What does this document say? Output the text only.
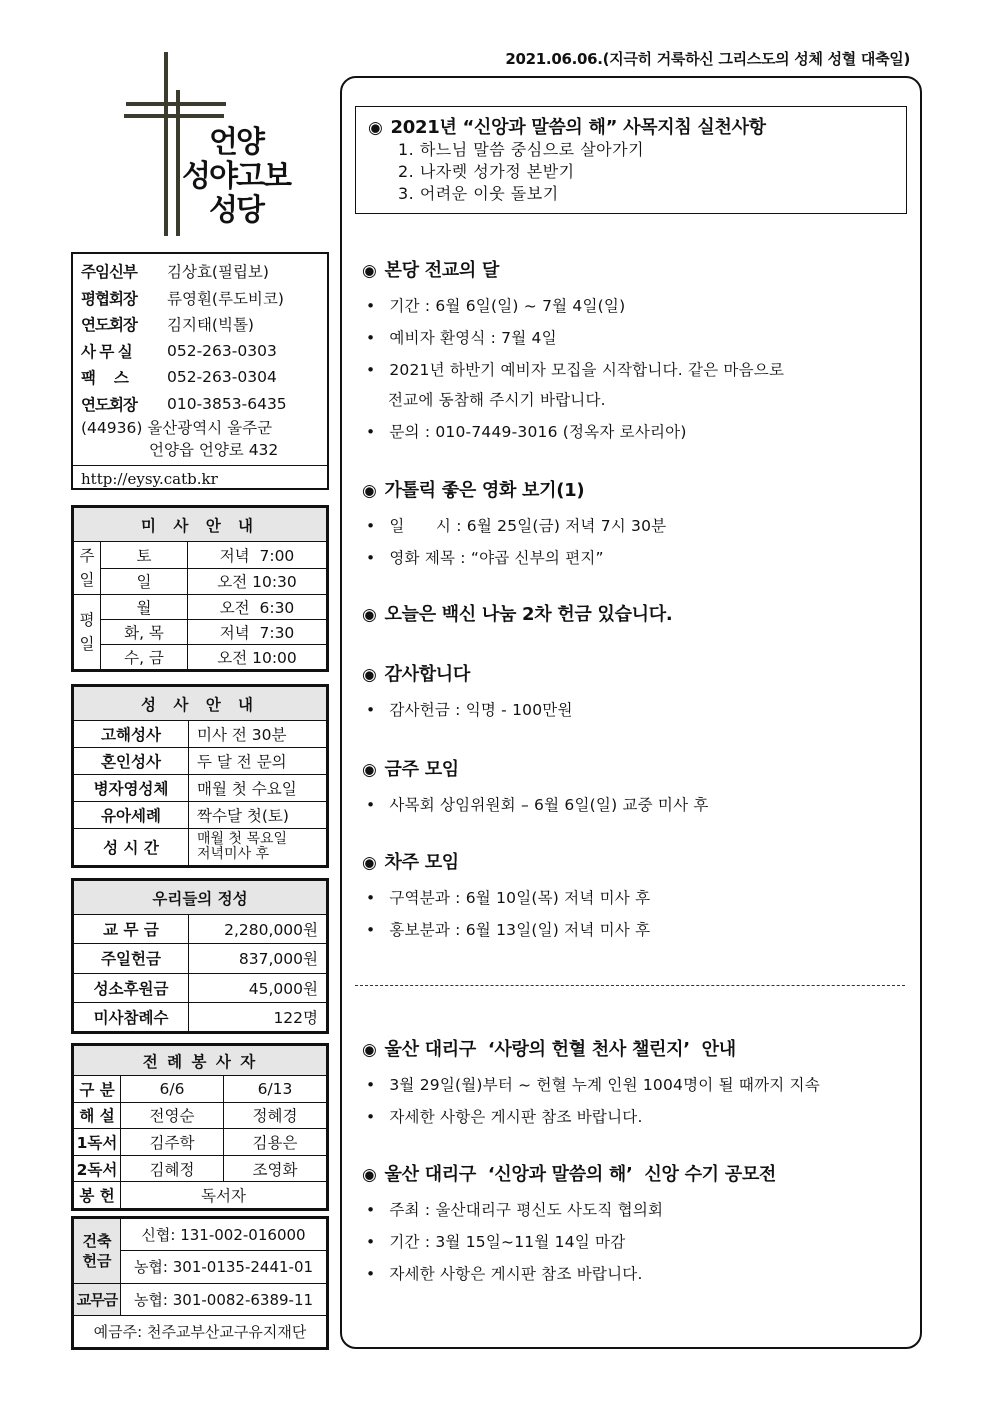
2021.06.06.(지극히 거룩하신 그리스도의 성체 성혈 대축일)
언양
성야고보
성당
주임신부	김상효(필립보)
평협회장	류영훤(루도비코)
연도회장	김지태(빅톨)
사 무 실	052-263-0303
팩　 스	052-263-0304
연도회장	010-3853-6435
(44936) 울산광역시 울주군
언양읍 언양로 432
http://eysy.catb.kr
미 사 안 내		
주일	토	저녁  7:00
	일	오전 10:30
평일	월	오전  6:30
	화, 목	저녁  7:30
	수, 금	오전 10:00
성 사 안 내	
고해성사	미사 전 30분
혼인성사	두 달 전 문의
병자영성체	매월 첫 수요일
유아세례	짝수달 첫(토)
성 시 간	매월 첫 목요일
저녁미사 후
우리들의 정성	
교 무 금	2,280,000원
주일헌금	837,000원
성소후원금	45,000원
미사참례수	122명
전 례 봉 사 자		
구 분	6/6	6/13
해 설	전영순	정혜경
1독서	김주학	김용은
2독서	김혜정	조영화
봉 헌	독서자	
건축
헌금	신협: 131-002-016000
	농협: 301-0135-2441-01
교무금	농협: 301-0082-6389-11
예금주: 천주교부산교구유지재단	
◉ 2021년 “신앙과 말씀의 해” 사목지침 실천사항
1. 하느님 말씀 중심으로 살아가기
2. 나자렛 성가정 본받기
3. 어려운 이웃 돌보기
◉ 본당 전교의 달
• 기간 : 6월 6일(일) ~ 7월 4일(일)
• 예비자 환영식 : 7월 4일
• 2021년 하반기 예비자 모집을 시작합니다. 같은 마음으로
전교에 동참해 주시기 바랍니다.
• 문의 : 010-7449-3016 (정옥자 로사리아)
◉ 가톨릭 좋은 영화 보기(1)
• 일　　시 : 6월 25일(금) 저녁 7시 30분
• 영화 제목 : “야곱 신부의 편지”
◉ 오늘은 백신 나눔 2차 헌금 있습니다.
◉ 감사합니다
• 감사헌금 : 익명 - 100만원
◉ 금주 모임
• 사목회 상임위원회 – 6월 6일(일) 교중 미사 후
◉ 차주 모임
• 구역분과 : 6월 10일(목) 저녁 미사 후
• 홍보분과 : 6월 13일(일) 저녁 미사 후
◉ 울산 대리구  ‘사랑의 헌혈 천사 챌린지’  안내
• 3월 29일(월)부터 ~ 헌혈 누계 인원 1004명이 될 때까지 지속
• 자세한 사항은 게시판 참조 바랍니다.
◉ 울산 대리구  ‘신앙과 말씀의 해’  신앙 수기 공모전
• 주최 : 울산대리구 평신도 사도직 협의회
• 기간 : 3월 15일~11월 14일 마감
• 자세한 사항은 게시판 참조 바랍니다.
